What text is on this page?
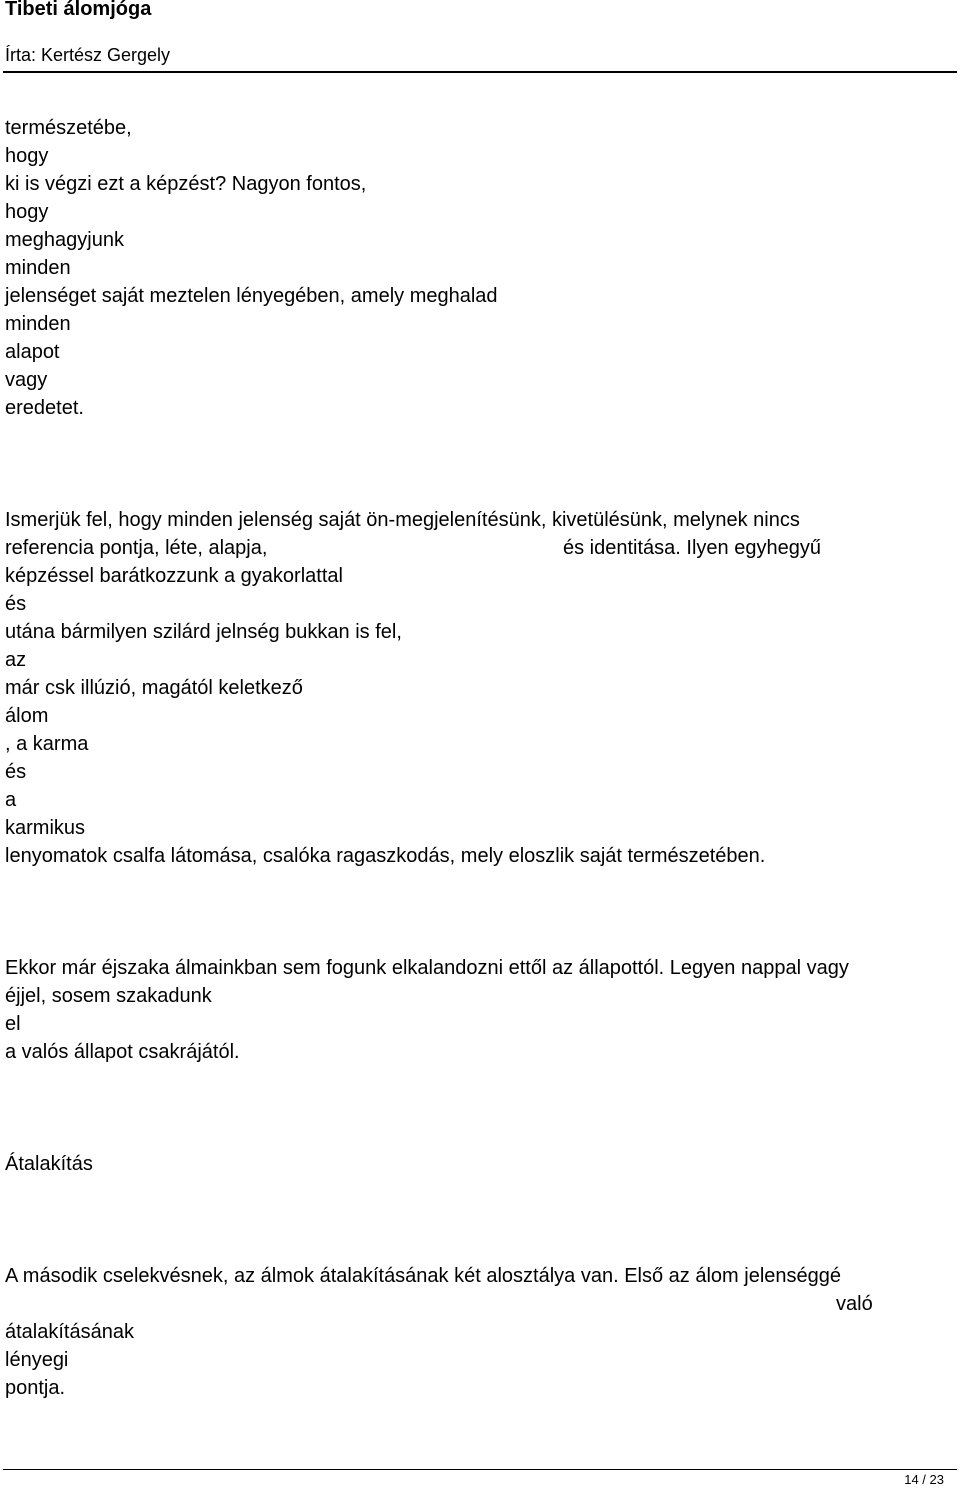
Tibeti álomjóga
Írta: Kertész Gergely
természetébe,
hogy
ki is végzi ezt a képzést? Nagyon fontos,
hogy
meghagyjunk
minden
jelenséget saját meztelen lényegében, amely meghalad
minden
alapot
vagy
eredetet.
Ismerjük fel, hogy minden jelenség saját ön-megjelenítésünk, kivetülésünk, melynek nincs
referencia pontja, léte, alapja,	és identitása. Ilyen egyhegyű
képzéssel barátkozzunk a gyakorlattal
és
utána bármilyen szilárd jelnség bukkan is fel,
az
már csk illúzió, magától keletkező
álom
, a karma
és
a
karmikus
lenyomatok csalfa látomása, csalóka ragaszkodás, mely eloszlik saját természetében.
Ekkor már éjszaka álmainkban sem fogunk elkalandozni ettől az állapottól. Legyen nappal vagy
éjjel, sosem szakadunk
el
a valós állapot csakrájától.
Átalakítás
A második cselekvésnek, az álmok átalakításának két alosztálya van. Első az álom jelenséggé
való
átalakításának
lényegi
pontja.
14 / 23
